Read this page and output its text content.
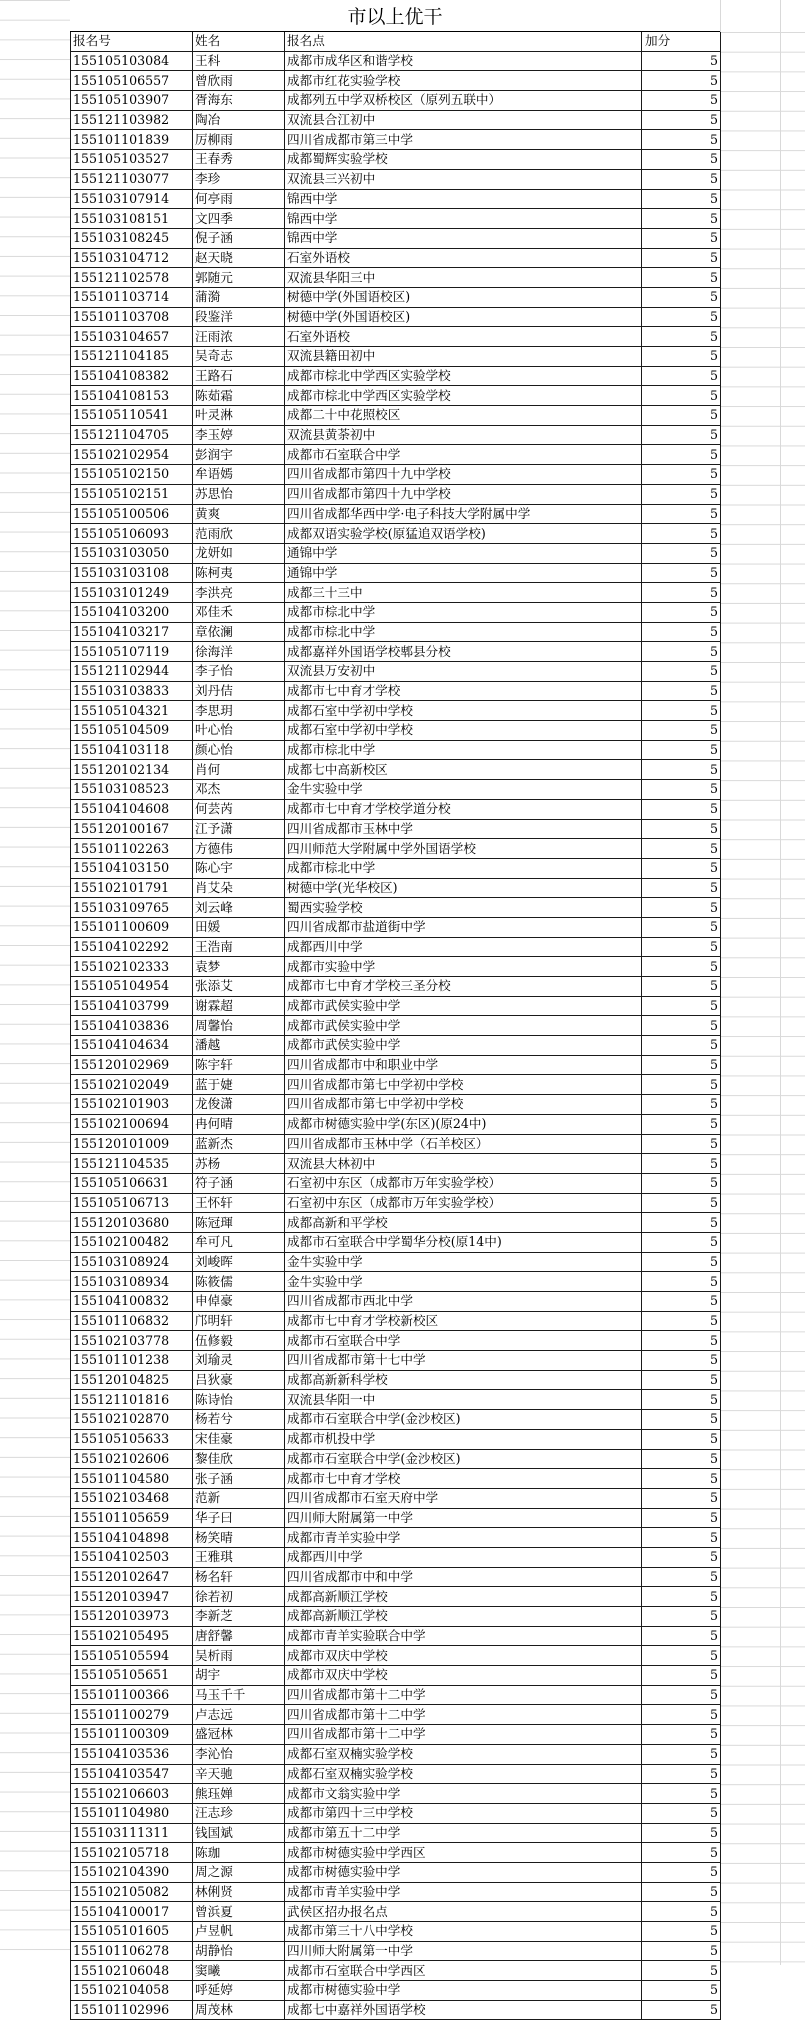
市以上优干
报名号	姓名	报名点	加分
155105103084	王科	成都市成华区和谐学校	5
155105106557	曾欣雨	成都市红花实验学校	5
155105103907	胥海东	成都列五中学双桥校区（原列五联中）	5
155121103982	陶冶	双流县合江初中	5
155101101839	厉柳雨	四川省成都市第三中学	5
155105103527	王春秀	成都蜀辉实验学校	5
155121103077	李珍	双流县三兴初中	5
155103107914	何亭雨	锦西中学	5
155103108151	文四季	锦西中学	5
155103108245	倪子涵	锦西中学	5
155103104712	赵天晓	石室外语校	5
155121102578	郭随元	双流县华阳三中	5
155101103714	蒲漪	树德中学(外国语校区)	5
155101103708	段鉴洋	树德中学(外国语校区)	5
155103104657	汪雨浓	石室外语校	5
155121104185	吴奇志	双流县籍田初中	5
155104108382	王路石	成都市棕北中学西区实验学校	5
155104108153	陈茹霜	成都市棕北中学西区实验学校	5
155105110541	叶灵淋	成都二十中花照校区	5
155121104705	李玉婷	双流县黄荼初中	5
155102102954	彭润宇	成都市石室联合中学	5
155105102150	牟语嫣	四川省成都市第四十九中学校	5
155105102151	苏思怡	四川省成都市第四十九中学校	5
155105100506	黄爽	四川省成都华西中学·电子科技大学附属中学	5
155105106093	范雨欣	成都双语实验学校(原猛追双语学校)	5
155103103050	龙妍如	通锦中学	5
155103103108	陈柯夷	通锦中学	5
155103101249	李洪亮	成都三十三中	5
155104103200	邓佳禾	成都市棕北中学	5
155104103217	章依澜	成都市棕北中学	5
155105107119	徐海洋	成都嘉祥外国语学校郫县分校	5
155121102944	李子怡	双流县万安初中	5
155103103833	刘丹佶	成都市七中育才学校	5
155105104321	李思玥	成都石室中学初中学校	5
155105104509	叶心怡	成都石室中学初中学校	5
155104103118	颜心怡	成都市棕北中学	5
155120102134	肖何	成都七中高新校区	5
155103108523	邓杰	金牛实验中学	5
155104104608	何芸芮	成都市七中育才学校学道分校	5
155120100167	江予潇	四川省成都市玉林中学	5
155101102263	方德伟	四川师范大学附属中学外国语学校	5
155104103150	陈心宇	成都市棕北中学	5
155102101791	肖艾朵	树德中学(光华校区)	5
155103109765	刘云峰	蜀西实验学校	5
155101100609	田媛	四川省成都市盐道街中学	5
155104102292	王浩南	成都西川中学	5
155102102333	袁梦	成都市实验中学	5
155105104954	张添艾	成都市七中育才学校三圣分校	5
155104103799	谢霖超	成都市武侯实验中学	5
155104103836	周馨怡	成都市武侯实验中学	5
155104104634	潘越	成都市武侯实验中学	5
155120102969	陈宇轩	四川省成都市中和职业中学	5
155102102049	蓝于婕	四川省成都市第七中学初中学校	5
155102101903	龙俊潇	四川省成都市第七中学初中学校	5
155102100694	冉何晴	成都市树德实验中学(东区)(原24中)	5
155120101009	蓝新杰	四川省成都市玉林中学（石羊校区）	5
155121104535	苏杨	双流县大林初中	5
155105106631	符子涵	石室初中东区（成都市万年实验学校）	5
155105106713	王怀轩	石室初中东区（成都市万年实验学校）	5
155120103680	陈冠琿	成都高新和平学校	5
155102100482	牟可凡	成都市石室联合中学蜀华分校(原14中)	5
155103108924	刘峻晖	金牛实验中学	5
155103108934	陈筱儒	金牛实验中学	5
155104100832	申倬豪	四川省成都市西北中学	5
155101106832	邝明轩	成都市七中育才学校新校区	5
155102103778	伍修毅	成都市石室联合中学	5
155101101238	刘瑜灵	四川省成都市第十七中学	5
155120104825	吕狄豪	成都高新新科学校	5
155121101816	陈诗怡	双流县华阳一中	5
155102102870	杨若兮	成都市石室联合中学(金沙校区)	5
155105105633	宋佳豪	成都市机投中学	5
155102102606	黎佳欣	成都市石室联合中学(金沙校区)	5
155101104580	张子涵	成都市七中育才学校	5
155102103468	范新	四川省成都市石室天府中学	5
155101105659	华子曰	四川师大附属第一中学	5
155104104898	杨笑晴	成都市青羊实验中学	5
155104102503	王雅琪	成都西川中学	5
155120102647	杨名轩	四川省成都市中和中学	5
155120103947	徐若初	成都高新顺江学校	5
155120103973	李新芝	成都高新顺江学校	5
155102105495	唐舒馨	成都市青羊实验联合中学	5
155105105594	吴析雨	成都市双庆中学校	5
155105105651	胡宇	成都市双庆中学校	5
155101100366	马玉千千	四川省成都市第十二中学	5
155101100279	卢志远	四川省成都市第十二中学	5
155101100309	盛冠林	四川省成都市第十二中学	5
155104103536	李沁怡	成都石室双楠实验学校	5
155104103547	辛天驰	成都石室双楠实验学校	5
155102106603	熊珏婵	成都市文翁实验中学	5
155101104980	汪志珍	成都市第四十三中学校	5
155103111311	钱国斌	成都市第五十二中学	5
155102105718	陈珈	成都市树德实验中学西区	5
155102104390	周之源	成都市树德实验中学	5
155102105082	林俐贤	成都市青羊实验中学	5
155104100017	曾浜夏	武侯区招办报名点	5
155105101605	卢昱帆	成都市第三十八中学校	5
155101106278	胡静怡	四川师大附属第一中学	5
155102106048	窦曦	成都市石室联合中学西区	5
155102104058	呼延婷	成都市树德实验中学	5
155101102996	周茂林	成都七中嘉祥外国语学校	5
